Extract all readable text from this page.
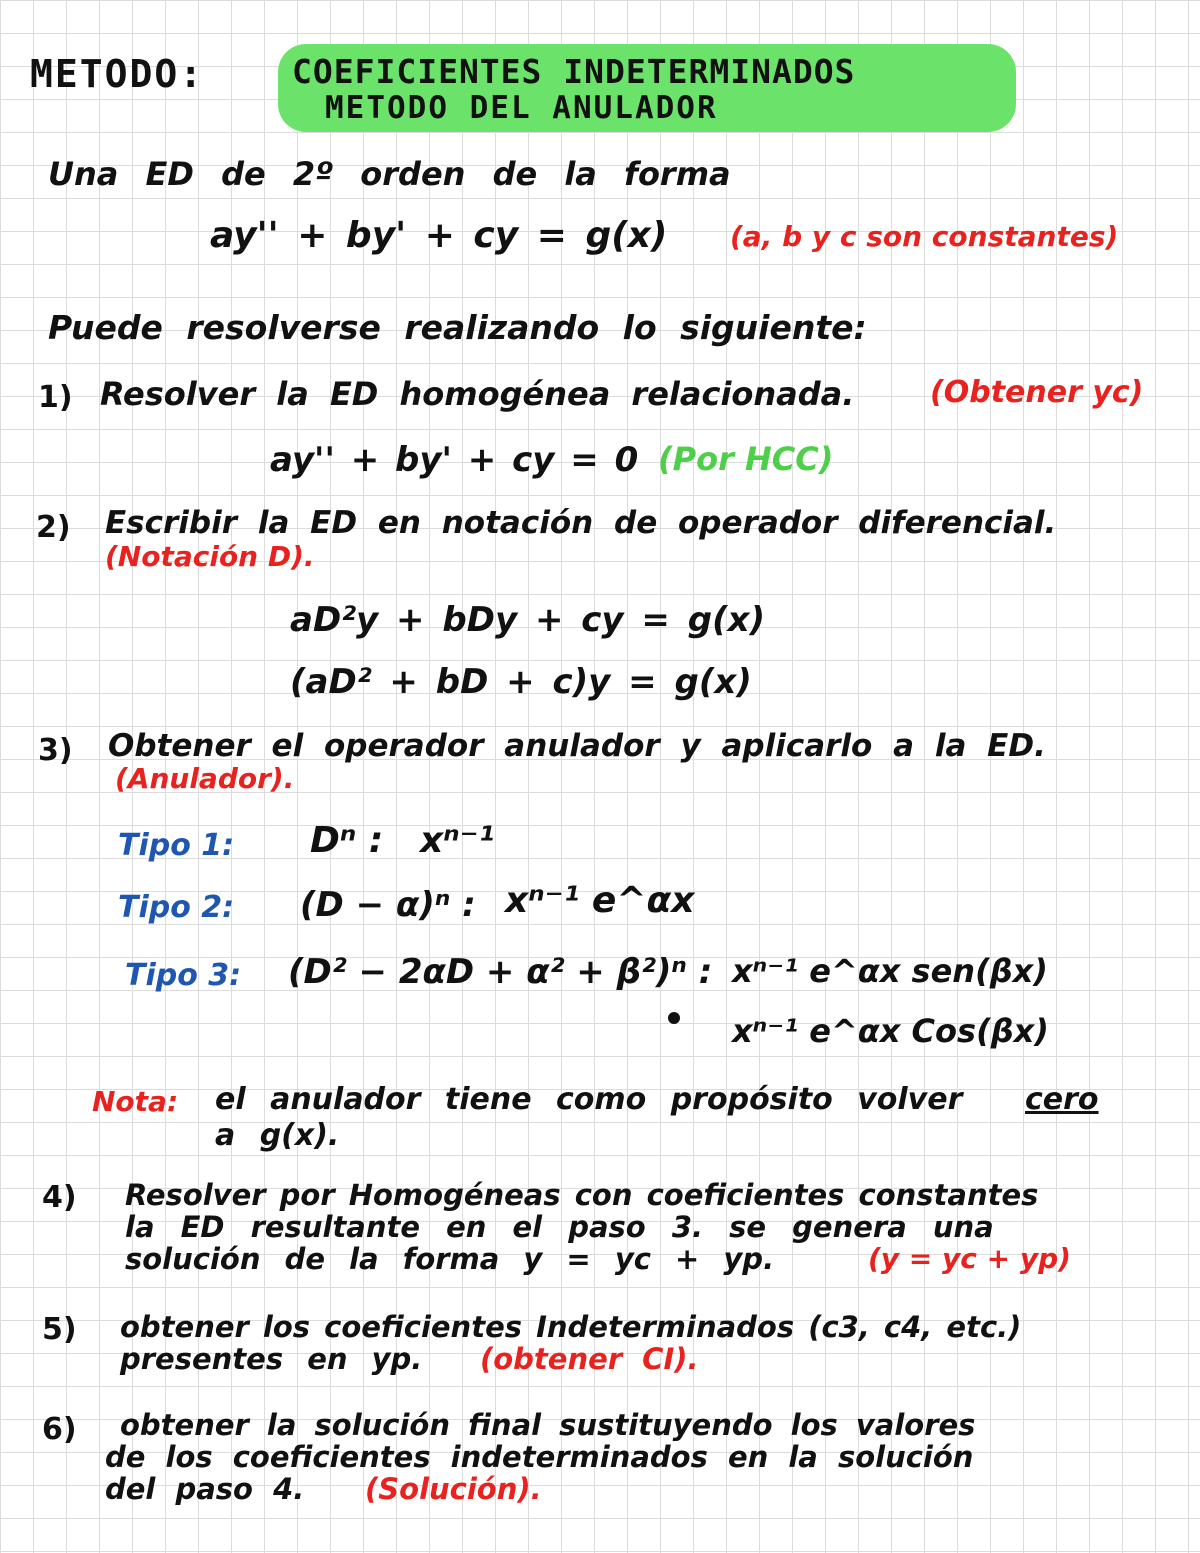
METODO:	COEFICIENTES INDETERMINADOS
METODO DEL ANULADOR
Una ED de 2º orden de la forma
ay'' + by' + cy = g(x) (a, b y c son constantes)
Puede resolverse realizando lo siguiente:
1) Resolver la ED homogénea relacionada.	(Obtener yc)
ay'' + by' + cy = 0 (Por HCC)
2) Escribir la ED en notación de operador diferencial.
(Notación D).
aD²y + bDy + cy = g(x)
(aD² + bD + c)y = g(x)
3) Obtener el operador anulador y aplicarlo a la ED.
(Anulador).
Tipo 1: Dⁿ : xⁿ⁻¹
Tipo 2: (D − α)ⁿ : xⁿ⁻¹ e^αx
Tipo 3: (D² − 2αD + α² + β²)ⁿ : xⁿ⁻¹ e^αx sen(βx)
xⁿ⁻¹ e^αx Cos(βx)
Nota: el anulador tiene como propósito volver cero
a g(x).
4) Resolver por Homogéneas con coeficientes constantes
la ED resultante en el paso 3. se genera una
solución de la forma y = yc + yp.	(y = yc + yp)
5) obtener los coeficientes Indeterminados (c3, c4, etc.)
presentes en yp. (obtener CI).
6) obtener la solución final sustituyendo los valores
de los coeficientes indeterminados en la solución
del paso 4. (Solución).
